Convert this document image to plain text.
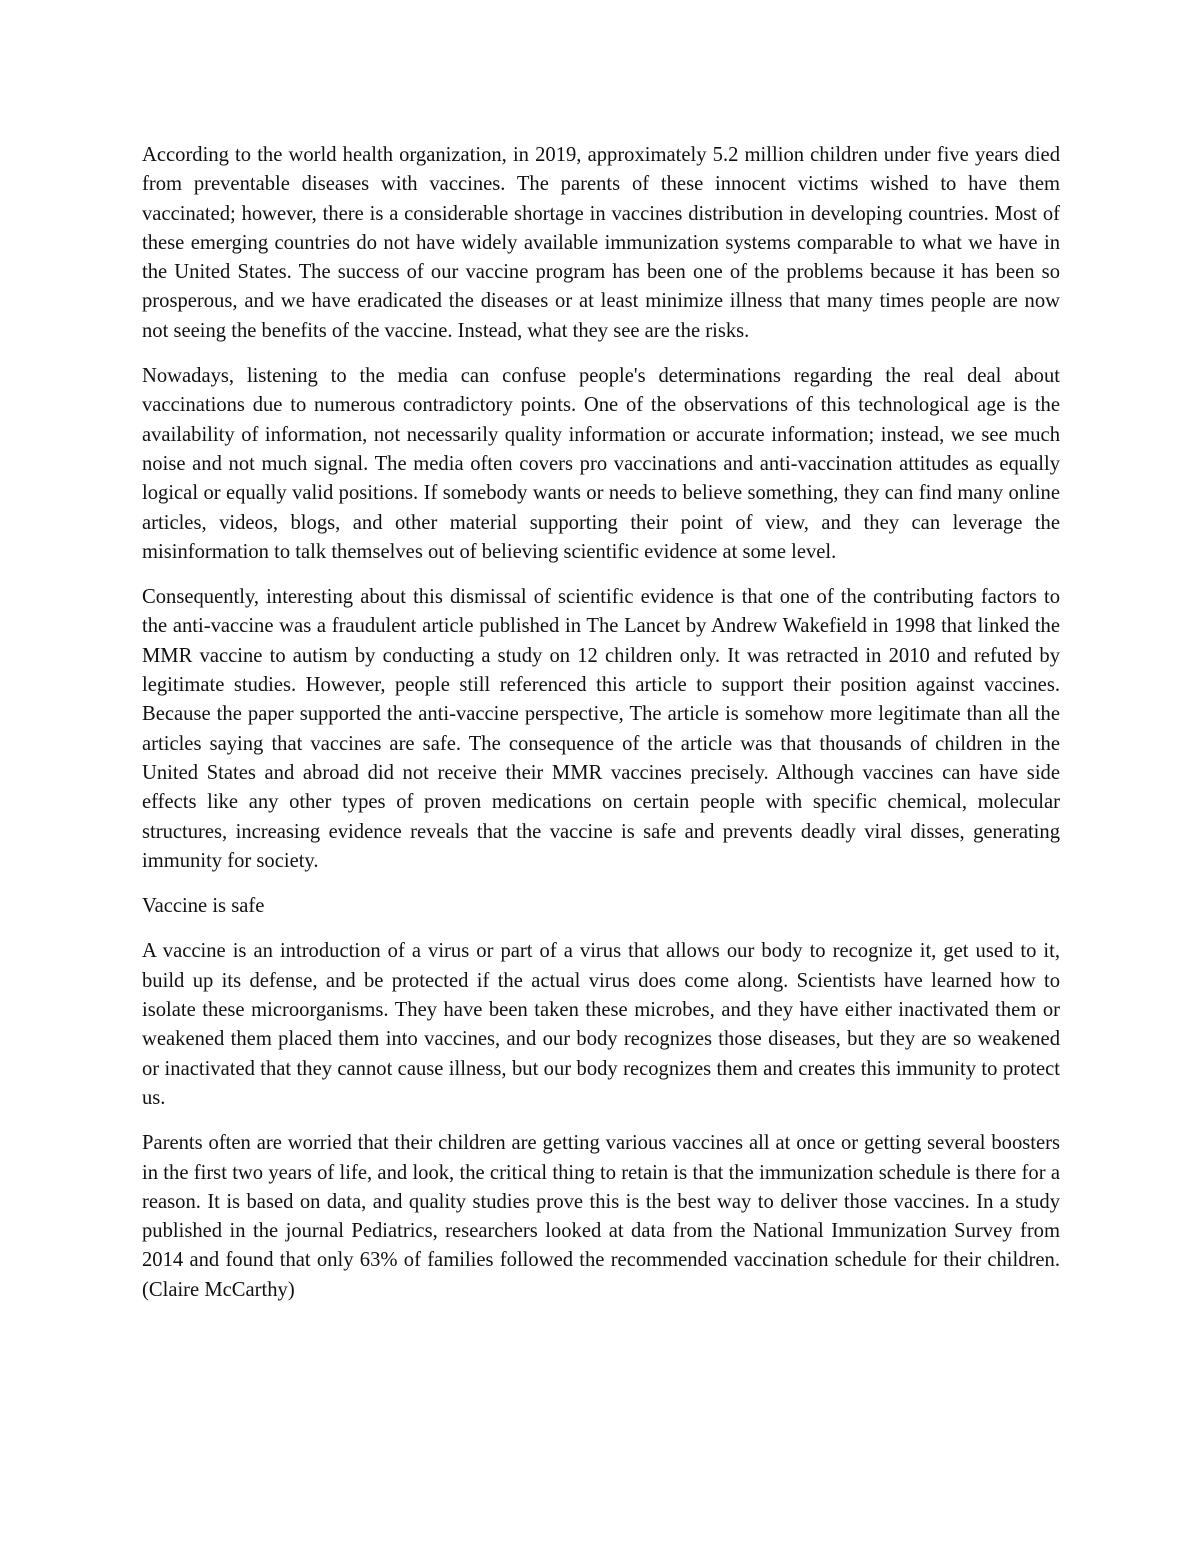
According to the world health organization, in 2019, approximately 5.2 million children under five years died from preventable diseases with vaccines. The parents of these innocent victims wished to have them vaccinated; however, there is a considerable shortage in vaccines distribution in developing countries. Most of these emerging countries do not have widely available immunization systems comparable to what we have in the United States. The success of our vaccine program has been one of the problems because it has been so prosperous, and we have eradicated the diseases or at least minimize illness that many times people are now not seeing the benefits of the vaccine. Instead, what they see are the risks.

Nowadays, listening to the media can confuse people's determinations regarding the real deal about vaccinations due to numerous contradictory points. One of the observations of this technological age is the availability of information, not necessarily quality information or accurate information; instead, we see much noise and not much signal. The media often covers pro vaccinations and anti-vaccination attitudes as equally logical or equally valid positions. If somebody wants or needs to believe something, they can find many online articles, videos, blogs, and other material supporting their point of view, and they can leverage the misinformation to talk themselves out of believing scientific evidence at some level.

Consequently, interesting about this dismissal of scientific evidence is that one of the contributing factors to the anti-vaccine was a fraudulent article published in The Lancet by Andrew Wakefield in 1998 that linked the MMR vaccine to autism by conducting a study on 12 children only. It was retracted in 2010 and refuted by legitimate studies. However, people still referenced this article to support their position against vaccines. Because the paper supported the anti-vaccine perspective, The article is somehow more legitimate than all the articles saying that vaccines are safe. The consequence of the article was that thousands of children in the United States and abroad did not receive their MMR vaccines precisely. Although vaccines can have side effects like any other types of proven medications on certain people with specific chemical, molecular structures, increasing evidence reveals that the vaccine is safe and prevents deadly viral disses, generating immunity for society.

Vaccine is safe

A vaccine is an introduction of a virus or part of a virus that allows our body to recognize it, get used to it, build up its defense, and be protected if the actual virus does come along. Scientists have learned how to isolate these microorganisms. They have been taken these microbes, and they have either inactivated them or weakened them placed them into vaccines, and our body recognizes those diseases, but they are so weakened or inactivated that they cannot cause illness, but our body recognizes them and creates this immunity to protect us.

Parents often are worried that their children are getting various vaccines all at once or getting several boosters in the first two years of life, and look, the critical thing to retain is that the immunization schedule is there for a reason. It is based on data, and quality studies prove this is the best way to deliver those vaccines. In a study published in the journal Pediatrics, researchers looked at data from the National Immunization Survey from 2014 and found that only 63% of families followed the recommended vaccination schedule for their children. (Claire McCarthy)
